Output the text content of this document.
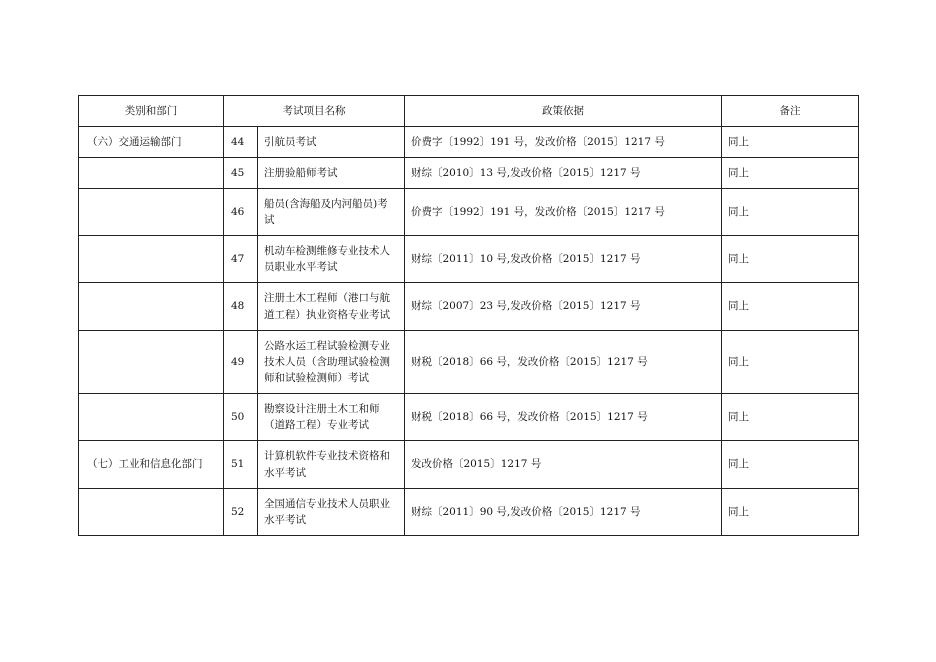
类别和部门	考试项目名称		政策依据	备注
（六）交通运输部门	44	引航员考试	价费字〔1992〕191 号，发改价格〔2015〕1217 号	同上
	45	注册验船师考试	财综〔2010〕13 号,发改价格〔2015〕1217 号	同上
	46	船员(含海船及内河船员)考试	价费字〔1992〕191 号，发改价格〔2015〕1217 号	同上
	47	机动车检测维修专业技术人员职业水平考试	财综〔2011〕10 号,发改价格〔2015〕1217 号	同上
	48	注册土木工程师（港口与航道工程）执业资格专业考试	财综〔2007〕23 号,发改价格〔2015〕1217 号	同上
	49	公路水运工程试验检测专业技术人员（含助理试验检测师和试验检测师）考试	财税〔2018〕66 号，发改价格〔2015〕1217 号	同上
	50	勘察设计注册土木工和师（道路工程）专业考试	财税〔2018〕66 号，发改价格〔2015〕1217 号	同上
（七）工业和信息化部门	51	计算机软件专业技术资格和水平考试	发改价格〔2015〕1217 号	同上
	52	全国通信专业技术人员职业水平考试	财综〔2011〕90 号,发改价格〔2015〕1217 号	同上
